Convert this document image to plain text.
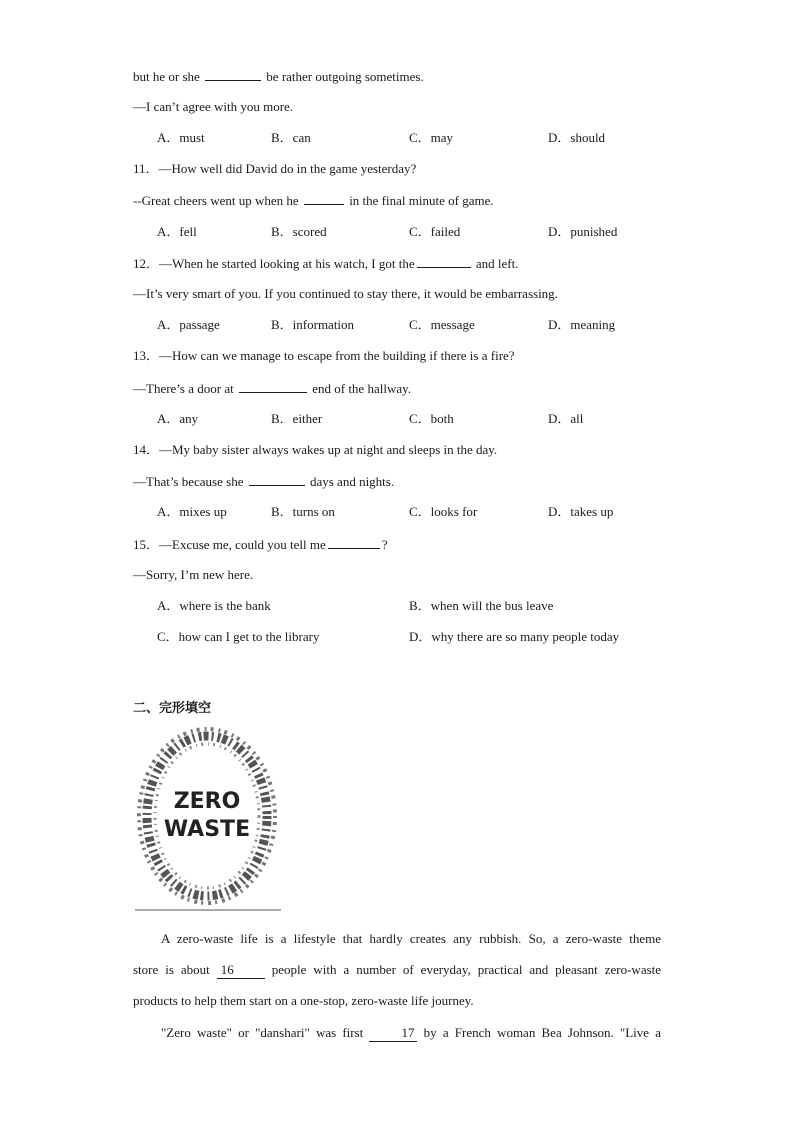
but he or she	be rather outgoing sometimes.
—I can’t agree with you more.
A．must	B．can	C．may	D．should
11．—How well did David do in the game yesterday?
--Great cheers went up when he	in the final minute of game.
A．fell	B．scored	C．failed	D．punished
12．—When he started looking at his watch, I got the	and left.
—It’s very smart of you. If you continued to stay there, it would be embarrassing.
A．passage	B．information	C．message	D．meaning
13．—How can we manage to escape from the building if there is a fire?
—There’s a door at	end of the hallway.
A．any	B．either	C．both	D．all
14．—My baby sister always wakes up at night and sleeps in the day.
—That’s because she	days and nights.
A．mixes up	B．turns on	C．looks for	D．takes up
15．—Excuse me, could you tell me	?
—Sorry, I’m new here.
A．where is the bank	B．when will the bus leave
C．how can I get to the library	D．why there are so many people today
二、完形填空
ZERO
WASTE
A zero-waste life is a lifestyle that hardly creates any rubbish. So, a zero-waste theme
store is about 16	people with a number of everyday, practical and pleasant zero-waste
products to help them start on a one-stop, zero-waste life journey.
"Zero waste" or "danshari" was first	17 by a French woman Bea Johnson. "Live a
